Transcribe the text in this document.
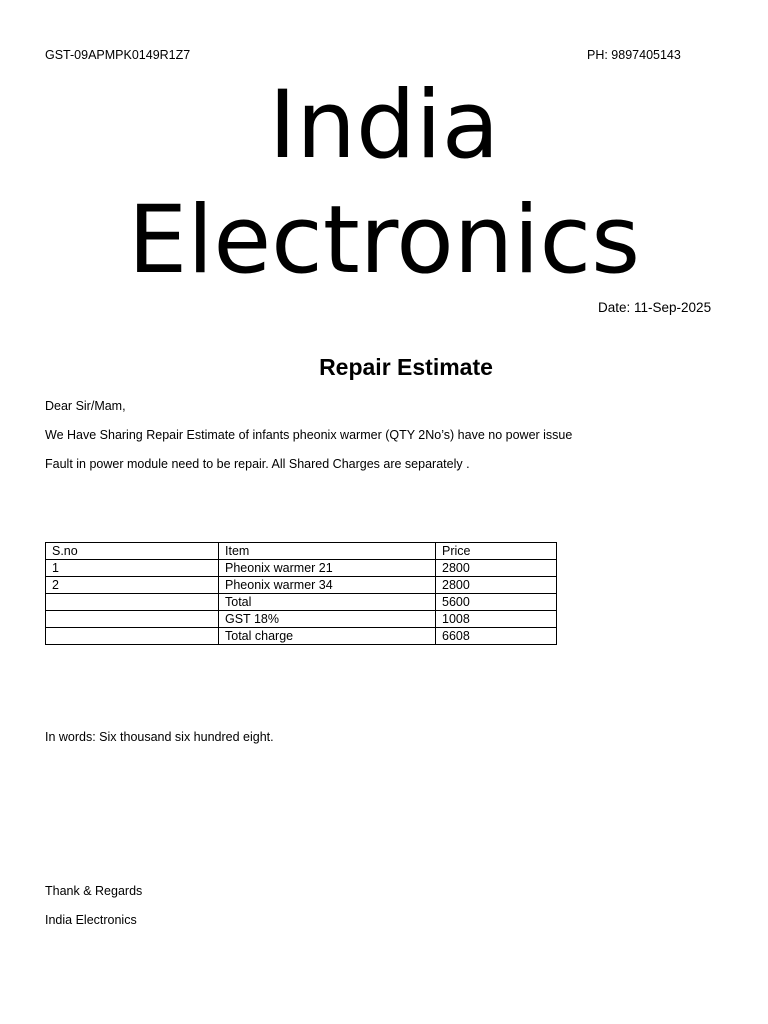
GST-09APMPK0149R1Z7	PH: 9897405143
India
Electronics
Date: 11-Sep-2025
Repair Estimate
Dear Sir/Mam,
We Have Sharing Repair Estimate of infants pheonix warmer (QTY 2No’s) have no power issue
Fault in power module need to be repair. All Shared Charges are separately .
S.no	Item	Price
1	Pheonix warmer 21	2800
2	Pheonix warmer 34	2800
	Total	5600
	GST 18%	1008
	Total charge	6608
In words: Six thousand six hundred eight.
Thank & Regards
India Electronics
